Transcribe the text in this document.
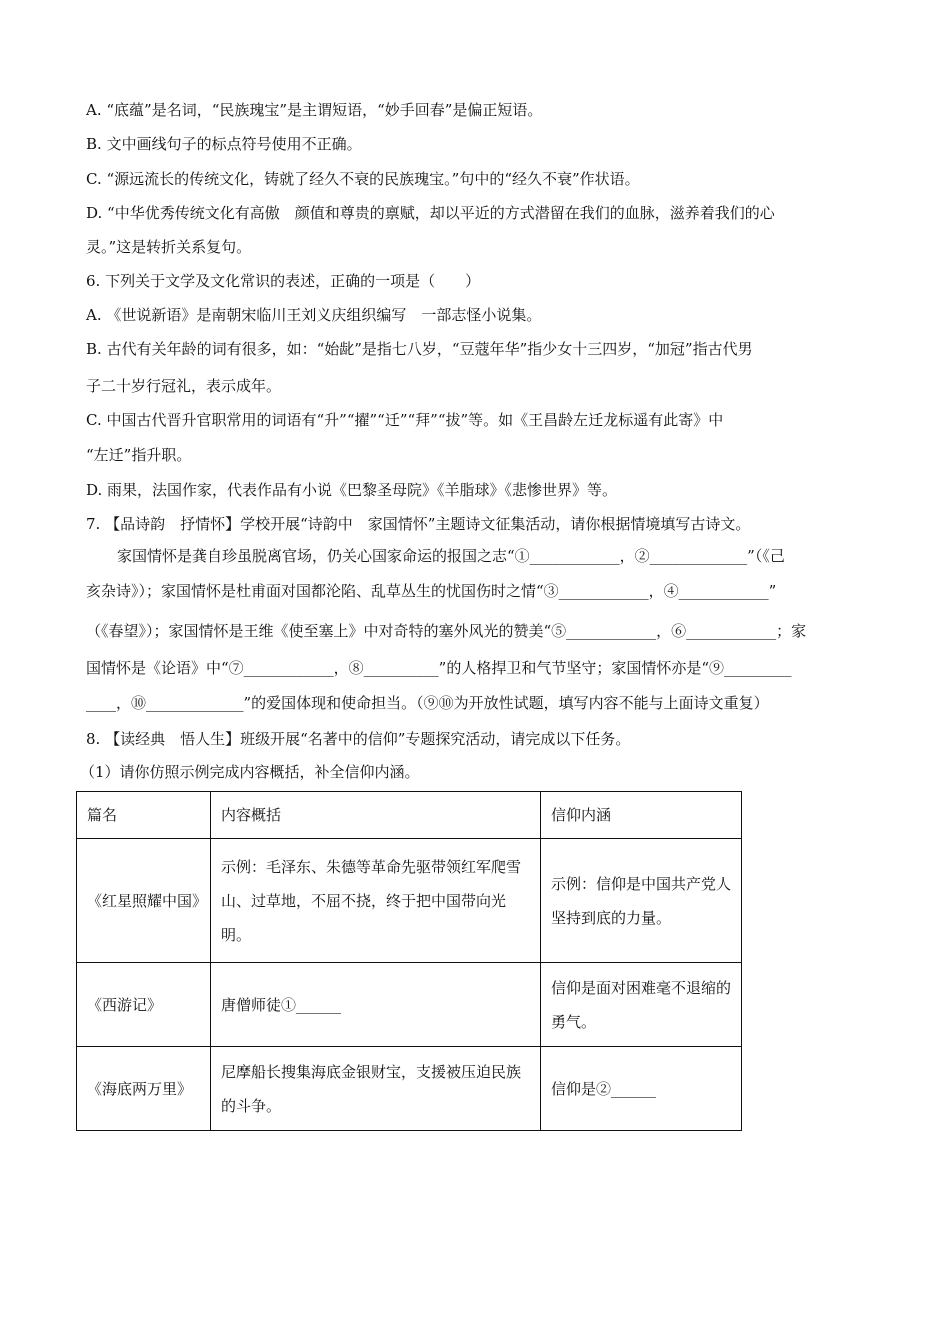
A. “底蕴”是名词，“民族瑰宝”是主谓短语，“妙手回春”是偏正短语。
B. 文中画线句子的标点符号使用不正确。
C. “源远流长的传统文化，铸就了经久不衰的民族瑰宝。”句中的“经久不衰”作状语。
D. “中华优秀传统文化有高傲　颜值和尊贵的禀赋，却以平近的方式潜留在我们的血脉，滋养着我们的心
灵。”这是转折关系复句。
6. 下列关于文学及文化常识的表述，正确的一项是（　　）
A. 《世说新语》是南朝宋临川王刘义庆组织编写　一部志怪小说集。
B. 古代有关年龄的词有很多，如：“始龀”是指七八岁，“豆蔻年华”指少女十三四岁，“加冠”指古代男
子二十岁行冠礼，表示成年。
C. 中国古代晋升官职常用的词语有“升”“擢”“迁”“拜”“拔”等。如《王昌龄左迁龙标遥有此寄》中
“左迁”指升职。
D. 雨果，法国作家，代表作品有小说《巴黎圣母院》《羊脂球》《悲惨世界》等。
7. 【品诗韵　抒情怀】学校开展“诗韵中　家国情怀”主题诗文征集活动，请你根据情境填写古诗文。
家国情怀是龚自珍虽脱离官场，仍关心国家命运的报国之志“①____________，②_____________”（《己
亥杂诗》）；家国情怀是杜甫面对国都沦陷、乱草丛生的忧国伤时之情“③____________，④____________”
（《春望》）；家国情怀是王维《使至塞上》中对奇特的塞外风光的赞美“⑤____________，⑥____________；家
国情怀是《论语》中“⑦____________，⑧__________”的人格捍卫和气节坚守；家国情怀亦是“⑨_________
____，⑩_____________”的爱国体现和使命担当。（⑨⑩为开放性试题，填写内容不能与上面诗文重复）
8. 【读经典　悟人生】班级开展“名著中的信仰”专题探究活动，请完成以下任务。
（1）请你仿照示例完成内容概括，补全信仰内涵。
篇名	内容概括	信仰内涵
《红星照耀中国》	示例：毛泽东、朱德等革命先驱带领红军爬雪山、过草地，不屈不挠，终于把中国带向光明。	示例：信仰是中国共产党人坚持到底的力量。
《西游记》	唐僧师徒①______	信仰是面对困难毫不退缩的勇气。
《海底两万里》	尼摩船长搜集海底金银财宝，支援被压迫民族的斗争。	信仰是②______
